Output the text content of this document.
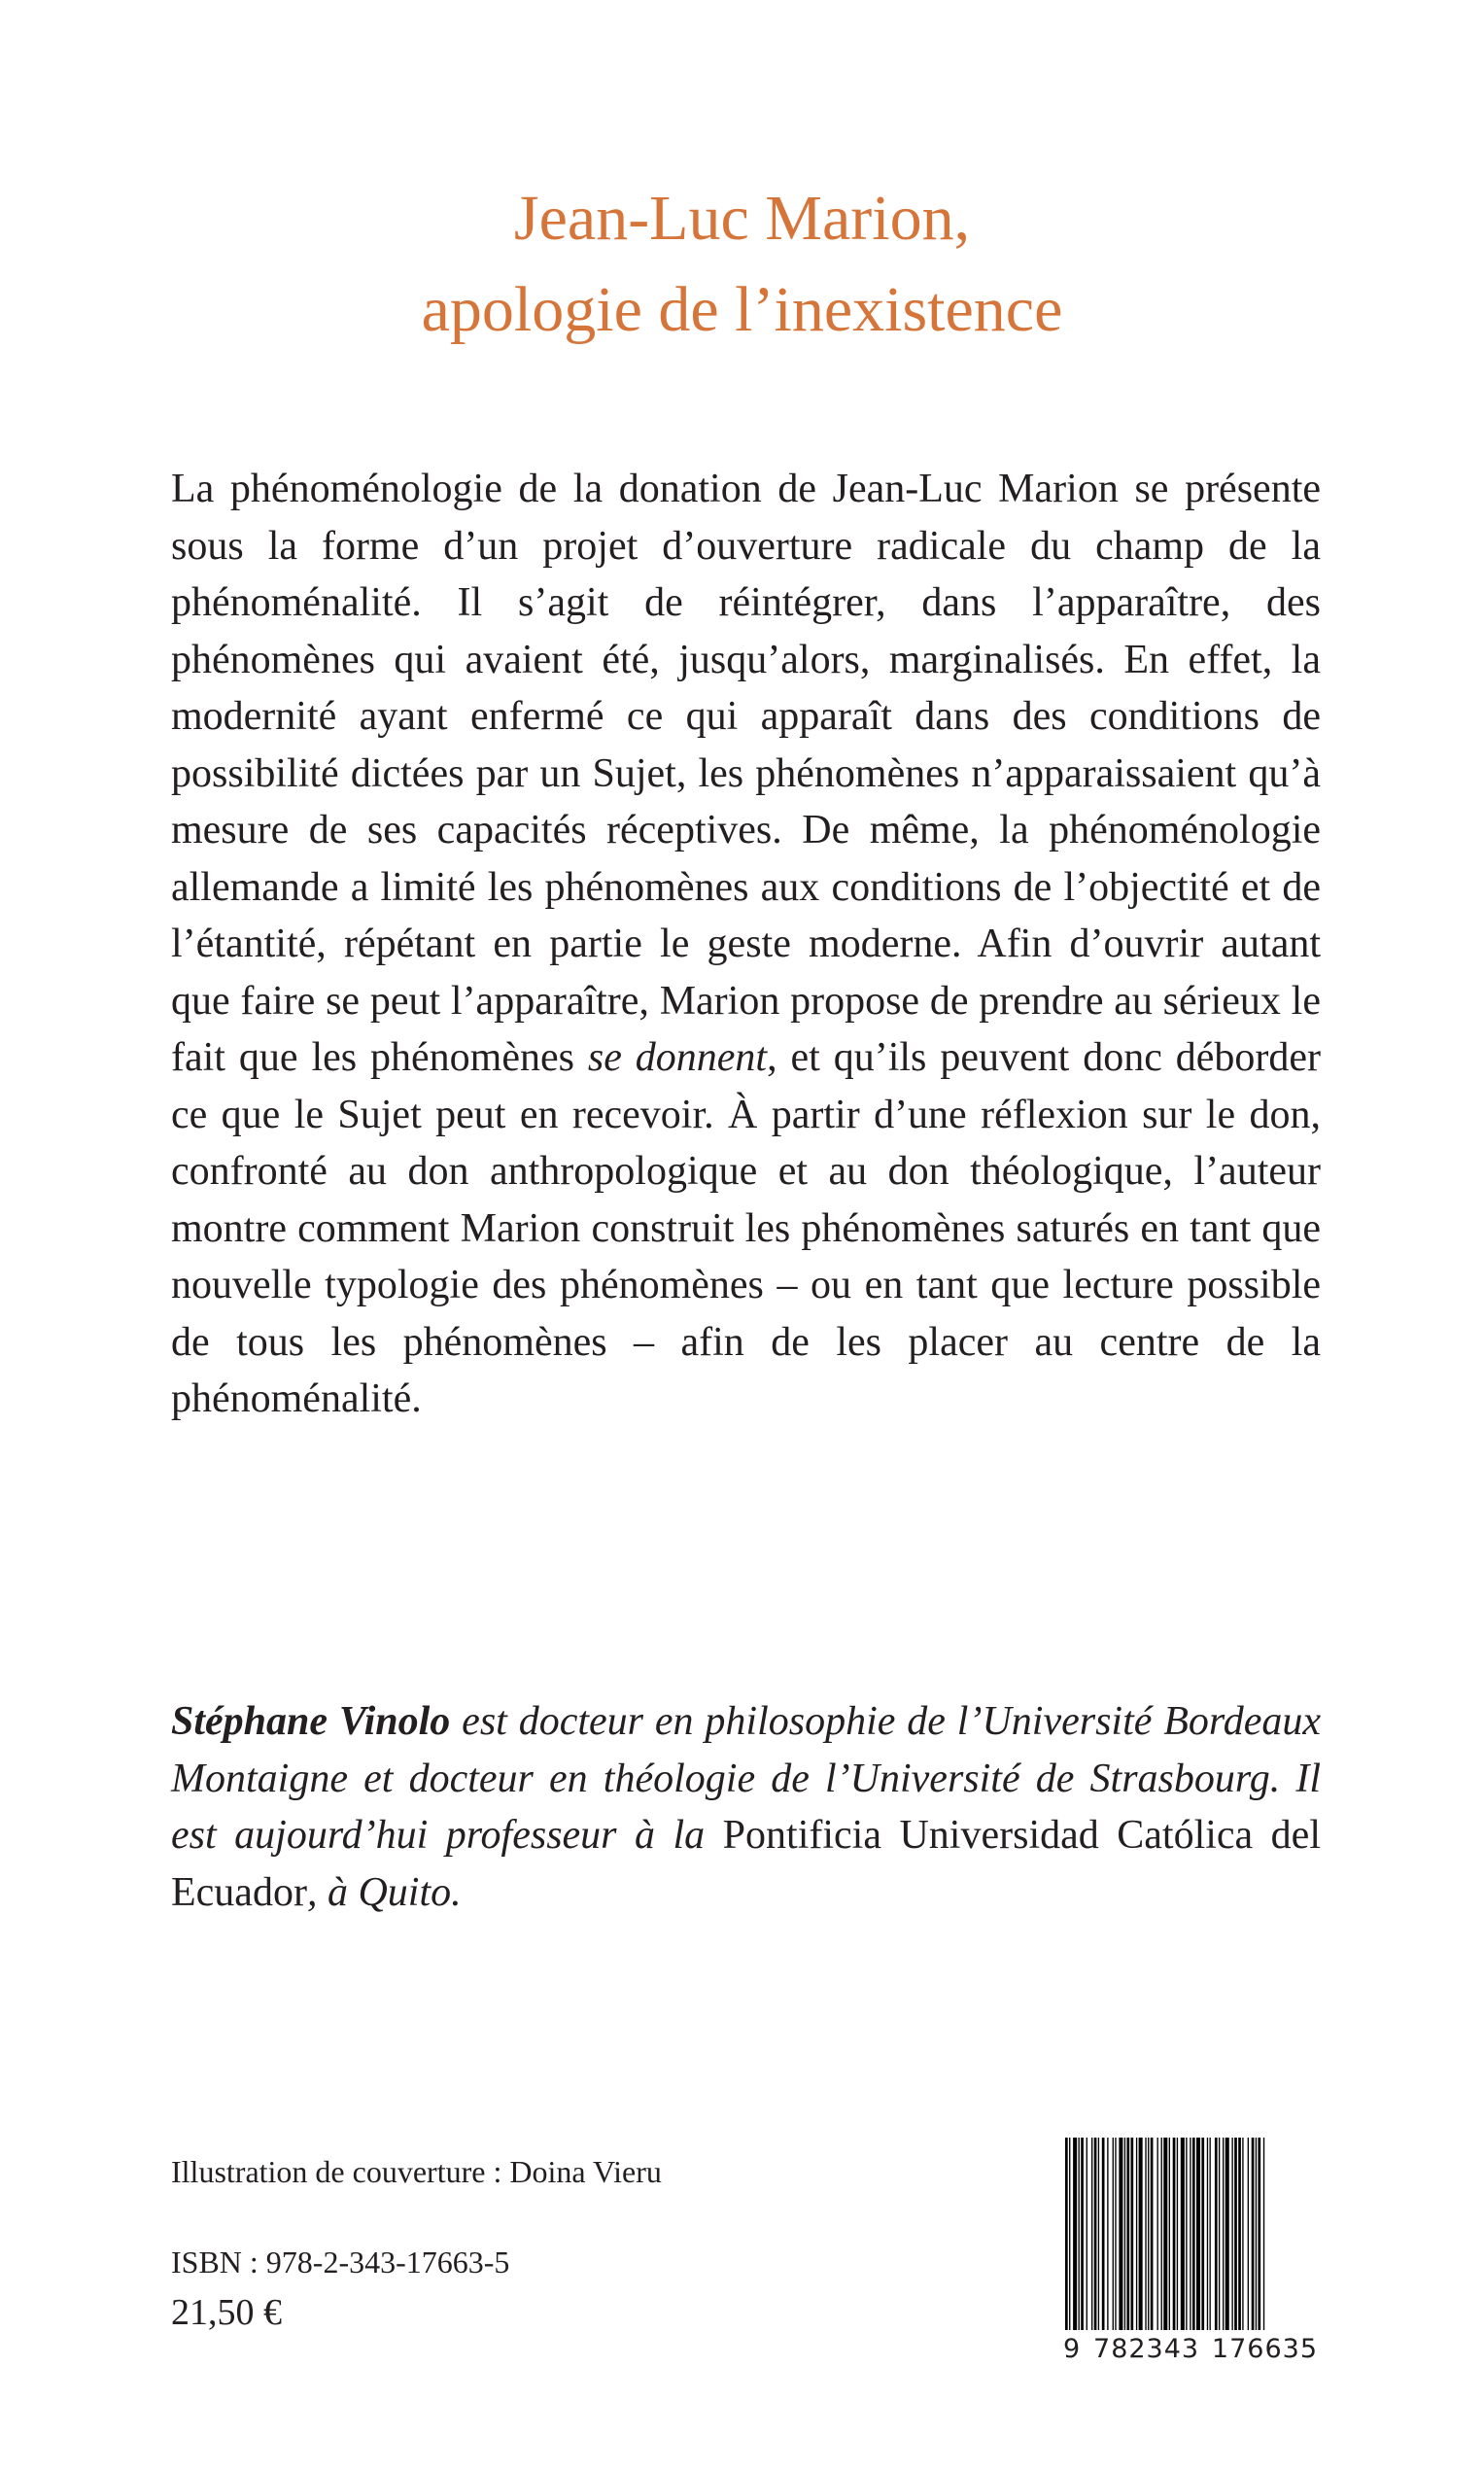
Jean-Luc Marion,
apologie de l’inexistence

La phénoménologie de la donation de Jean-Luc Marion se présente sous la forme d’un projet d’ouverture radicale du champ de la phénoménalité. Il s’agit de réintégrer, dans l’apparaître, des phénomènes qui avaient été, jusqu’alors, marginalisés. En effet, la modernité ayant enfermé ce qui apparaît dans des conditions de possibilité dictées par un Sujet, les phénomènes n’apparaissaient qu’à mesure de ses capacités réceptives. De même, la phénoménologie allemande a limité les phénomènes aux conditions de l’objectité et de l’étantité, répétant en partie le geste moderne. Afin d’ouvrir autant que faire se peut l’apparaître, Marion propose de prendre au sérieux le fait que les phénomènes se donnent, et qu’ils peuvent donc déborder ce que le Sujet peut en recevoir. À partir d’une réflexion sur le don, confronté au don anthropologique et au don théologique, l’auteur montre comment Marion construit les phénomènes saturés en tant que nouvelle typologie des phénomènes – ou en tant que lecture possible de tous les phénomènes – afin de les placer au centre de la phénoménalité.

Stéphane Vinolo est docteur en philosophie de l’Université Bordeaux Montaigne et docteur en théologie de l’Université de Strasbourg. Il est aujourd’hui professeur à la Pontificia Universidad Católica del Ecuador, à Quito.

Illustration de couverture : Doina Vieru
ISBN : 978-2-343-17663-5
21,50 €
9 782343 176635
